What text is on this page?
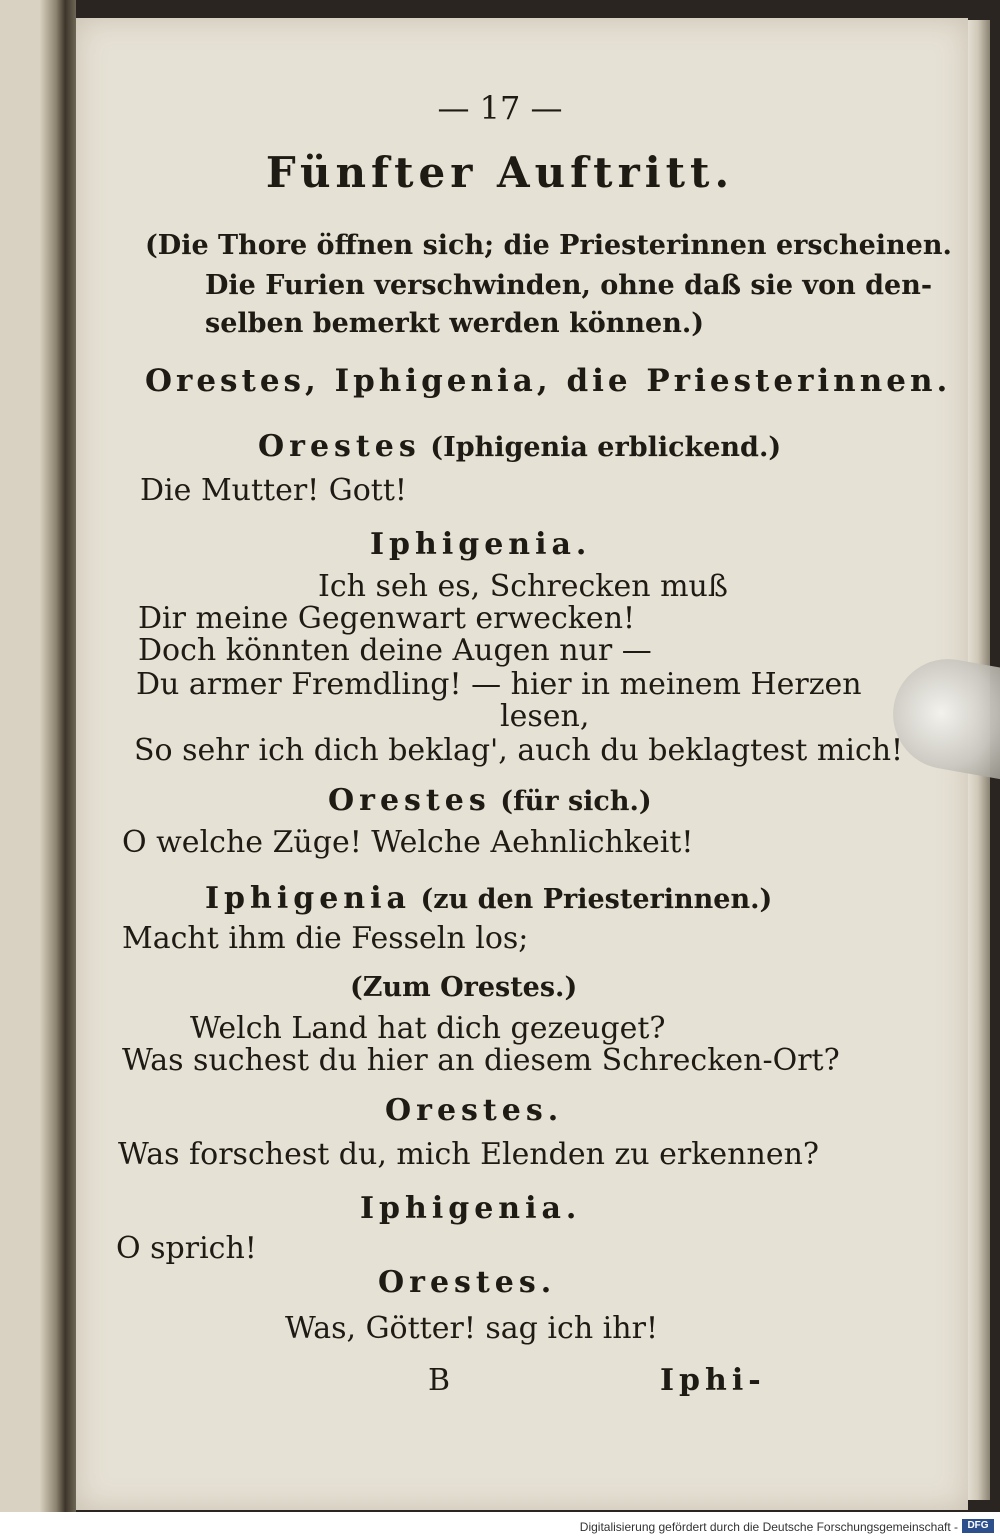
— 17 —
Fünfter Auftritt.
(Die Thore öffnen sich; die Priesterinnen erscheinen.
Die Furien verschwinden, ohne daß sie von den-
selben bemerkt werden können.)
Orestes, Iphigenia, die Priesterinnen.
Orestes (Iphigenia erblickend.)
Die Mutter! Gott!
Iphigenia.
Ich seh es, Schrecken muß
Dir meine Gegenwart erwecken!
Doch könnten deine Augen nur —
Du armer Fremdling! — hier in meinem Herzen
lesen,
So sehr ich dich beklag', auch du beklagtest mich!
Orestes (für sich.)
O welche Züge! Welche Aehnlichkeit!
Iphigenia (zu den Priesterinnen.)
Macht ihm die Fesseln los;
(Zum Orestes.)
Welch Land hat dich gezeuget?
Was suchest du hier an diesem Schrecken-Ort?
Orestes.
Was forschest du, mich Elenden zu erkennen?
Iphigenia.
O sprich!
Orestes.
Was, Götter! sag ich ihr!
B	Iphi-
Digitalisierung gefördert durch die Deutsche Forschungsgemeinschaft - DFG
